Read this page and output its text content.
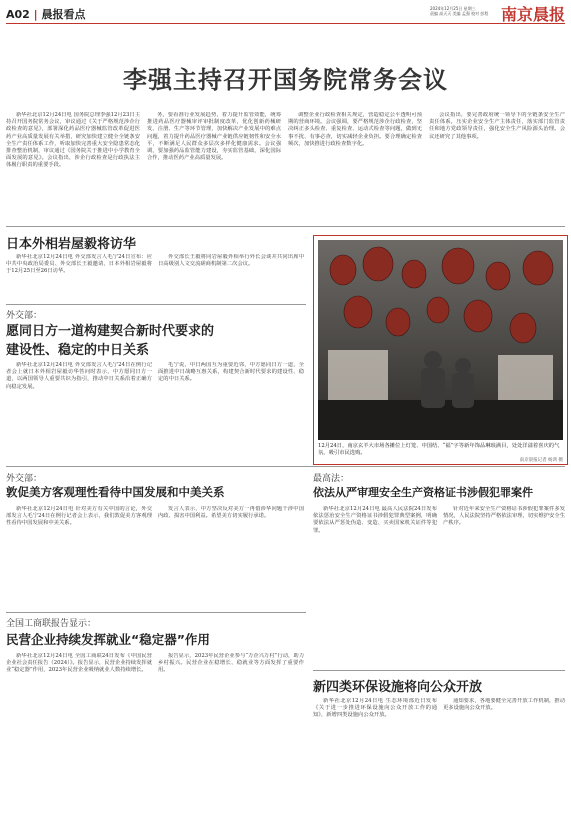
A02 | 晨报看点	2024年12月25日 星期三
责编 高天天 美编 孟强 校对 彭程 南京晨报
李强主持召开国务院常务会议
新华社北京12月24日电 国务院总理李强12月23日主持召开国务院常务会议，审议通过《关于严格规范涉企行政检查的意见》，部署深化药品医疗器械监管改革促进医药产业高质量发展有关举措，研究加快建立健全全链条安全生产责任体系工作，听取加快完善重大安全隐患常态化排查整治机制，审议通过《国务院关于推进中小学教育全面发展的意见》。会议指出，涉企行政检查是行政执法主体履行职责的重要手段。
务，要看准行业发展趋势，着力提升监管效能，统筹推进药品医疗器械审评审批制度改革，优化创新药械研发、注册、生产等环节管理，加快解决产业发展中的难点问题，着力提升药品医疗器械产业链供应链韧性和安全水平，不断满足人民群众多层次多样化健康需求。会议强调，要加强药品监管能力建设，夯实监管基础，深化国际合作，推动医药产业高质量发展。
调整企业行政检查相关规定，营造稳定公平透明可预期的营商环境。会议强调，要严格规范涉企行政检查，坚决纠正多头检查、重复检查、运动式检查等问题，做到无事不扰、有事必查，切实减轻企业负担。要合理确定检查频次，加快推进行政检查数字化。
会议指出，要完善政府统一领导下的全链条安全生产责任体系，压实企业安全生产主体责任，落实部门监管责任和地方党政领导责任，强化安全生产风险源头治理。会议还研究了其他事项。
日本外相岩屋毅将访华
新华社北京12月24日电 外交部发言人毛宁24日宣布：应中共中央政治局委员、外交部长王毅邀请，日本外相岩屋毅将于12月25日至26日访华。
外交部长王毅将同岩屋毅外相举行外长会谈并共同出席中日高级别人文交流磋商机制第二次会议。
外交部：
愿同日方一道构建契合新时代要求的
建设性、稳定的中日关系
新华社北京12月24日电 外交部发言人毛宁24日在例行记者会上就日本外相岩屋毅访华答问时表示，中方愿同日方一道，以两国领导人重要共识为指引，推动中日关系沿着正确方向稳定发展。
毛宁说，中日两国互为重要近邻，中方愿同日方一道，全面推进中日战略互惠关系，构建契合新时代要求的建设性、稳定的中日关系。
12月24日，南京玄羊大市场各摊位上灯笼、中国结、“福”字等新年饰品琳琅满目，处处洋溢着喜庆的气氛，吸引市民选购。
南京晨报记者 杨鸿 摄
外交部：
敦促美方客观理性看待中国发展和中美关系
新华社北京12月24日电 针对美方有关中国的言论，外交部发言人毛宁24日在例行记者会上表示，我们敦促美方客观理性看待中国发展和中美关系。
发言人表示，中方坚决反对美方一再借涉华问题干涉中国内政、损害中国利益。希望美方切实履行承诺。
全国工商联报告显示：
民营企业持续发挥就业“稳定器”作用
新华社北京12月24日电 全国工商联24日发布《中国民营企业社会责任报告（2024）》。报告显示，民营企业持续发挥就业“稳定器”作用，2023年民营企业吸纳就业人数持续增长。
报告显示，2023年民营企业参与“万企兴万村”行动，助力乡村振兴。民营企业在稳增长、稳就业等方面发挥了重要作用。
最高法：
依法从严审理安全生产资格证书涉假犯罪案件
新华社北京12月24日电 最高人民法院24日发布依法惩治安全生产资格证书涉假犯罪典型案例，明确要依法从严惩处伪造、变造、买卖国家机关证件等犯罪。
针对近年来安全生产资格证书涉假犯罪案件多发情况，人民法院坚持严格依法审理，切实维护安全生产秩序。
新四类环保设施将向公众开放
新华社北京12月24日电 生态环境部近日发布《关于进一步推进环保设施向公众开放工作的通知》，新增四类设施向公众开放。
通知要求，各地要健全完善开放工作机制，推动更多设施向公众开放。
